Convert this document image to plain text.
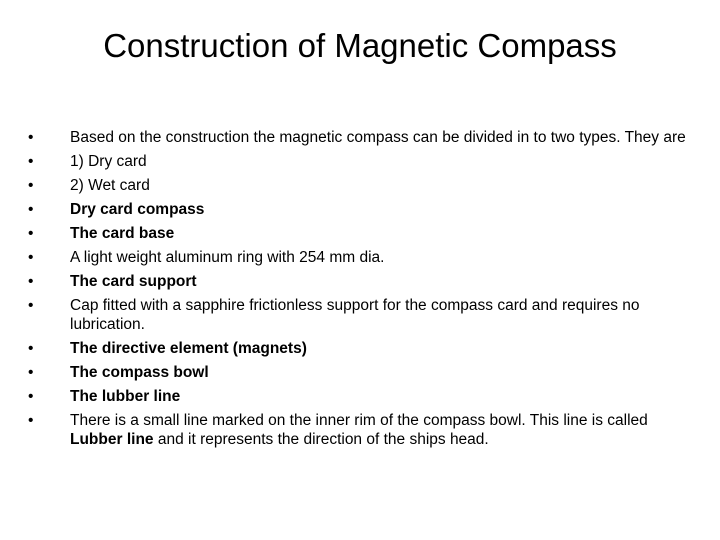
Construction of Magnetic Compass
•	Based on the construction the magnetic compass can be divided in to two types. They are
•	1) Dry card
•	2) Wet card
•	Dry card compass
•	The card base
•	A light weight aluminum ring with 254 mm dia.
•	The card support
•	Cap fitted with a sapphire frictionless support for the compass card and requires no lubrication.
•	The directive element (magnets)
•	The compass bowl
•	The lubber line
•	There is a small line marked on the inner rim of the compass bowl. This line is called Lubber line and it represents the direction of the ships head.
